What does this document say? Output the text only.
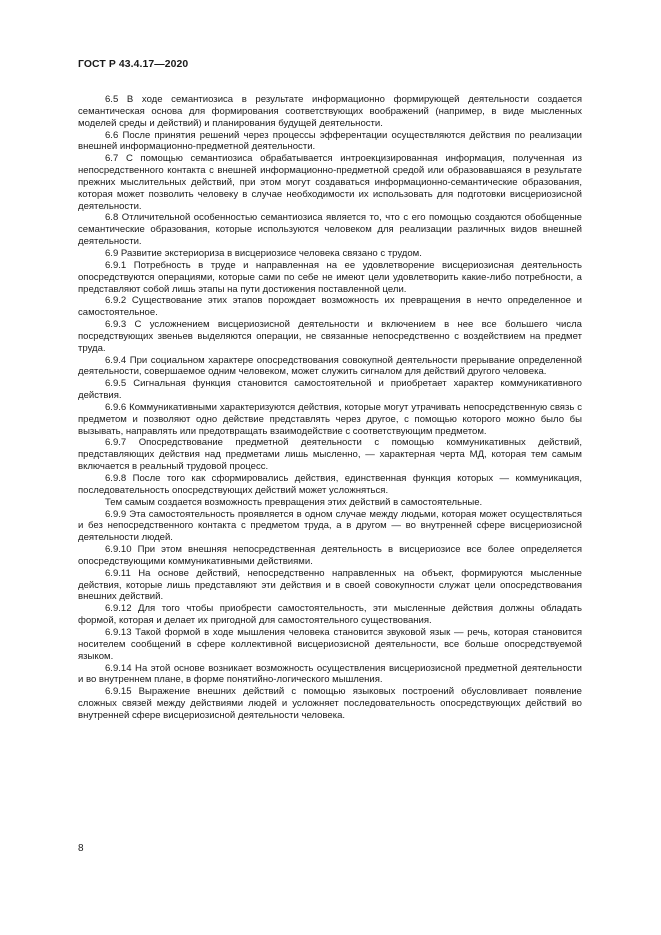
ГОСТ Р 43.4.17—2020

6.5 В ходе семантиозиса в результате информационно формирующей деятельности создается семантическая основа для формирования соответствующих воображений (например, в виде мысленных моделей среды и действий) и планирования будущей деятельности.

6.6 После принятия решений через процессы эфферентации осуществляются действия по реализации внешней информационно-предметной деятельности.

6.7 С помощью семантиозиса обрабатывается интроекцизированная информация, полученная из непосредственного контакта с внешней информационно-предметной средой или образовавшаяся в результате прежних мыслительных действий, при этом могут создаваться информационно-семантические образования, которая может позволить человеку в случае необходимости их использовать для подготовки висцериозисной деятельности.

6.8 Отличительной особенностью семантиозиса является то, что с его помощью создаются обобщенные семантические образования, которые используются человеком для реализации различных видов внешней деятельности.

6.9 Развитие экстериориза в висцериозисе человека связано с трудом.

6.9.1 Потребность в труде и направленная на ее удовлетворение висцериозисная деятельность опосредствуются операциями, которые сами по себе не имеют цели удовлетворить какие-либо потребности, а представляют собой лишь этапы на пути достижения поставленной цели.

6.9.2 Существование этих этапов порождает возможность их превращения в нечто определенное и самостоятельное.

6.9.3 С усложнением висцериозисной деятельности и включением в нее все большего числа посредствующих звеньев выделяются операции, не связанные непосредственно с воздействием на предмет труда.

6.9.4 При социальном характере опосредствования совокупной деятельности прерывание определенной деятельности, совершаемое одним человеком, может служить сигналом для действий другого человека.

6.9.5 Сигнальная функция становится самостоятельной и приобретает характер коммуникативного действия.

6.9.6 Коммуникативными характеризуются действия, которые могут утрачивать непосредственную связь с предметом и позволяют одно действие представлять через другое, с помощью которого можно было бы вызывать, направлять или предотвращать взаимодействие с соответствующим предметом.

6.9.7 Опосредствование предметной деятельности с помощью коммуникативных действий, представляющих действия над предметами лишь мысленно, — характерная черта МД, которая тем самым включается в реальный трудовой процесс.

6.9.8 После того как сформировались действия, единственная функция которых — коммуникация, последовательность опосредствующих действий может усложняться.

Тем самым создается возможность превращения этих действий в самостоятельные.

6.9.9 Эта самостоятельность проявляется в одном случае между людьми, которая может осуществляться и без непосредственного контакта с предметом труда, а в другом — во внутренней сфере висцериозисной деятельности людей.

6.9.10 При этом внешняя непосредственная деятельность в висцериозисе все более определяется опосредствующими коммуникативными действиями.

6.9.11 На основе действий, непосредственно направленных на объект, формируются мысленные действия, которые лишь представляют эти действия и в своей совокупности служат цели опосредствования внешних действий.

6.9.12 Для того чтобы приобрести самостоятельность, эти мысленные действия должны обладать формой, которая и делает их пригодной для самостоятельного существования.

6.9.13 Такой формой в ходе мышления человека становится звуковой язык — речь, которая становится носителем сообщений в сфере коллективной висцериозисной деятельности, все больше опосредствуемой языком.

6.9.14 На этой основе возникает возможность осуществления висцериозисной предметной деятельности и во внутреннем плане, в форме понятийно-логического мышления.

6.9.15 Выражение внешних действий с помощью языковых построений обусловливает появление сложных связей между действиями людей и усложняет последовательность опосредствующих действий во внутренней сфере висцериозисной деятельности человека.

8
